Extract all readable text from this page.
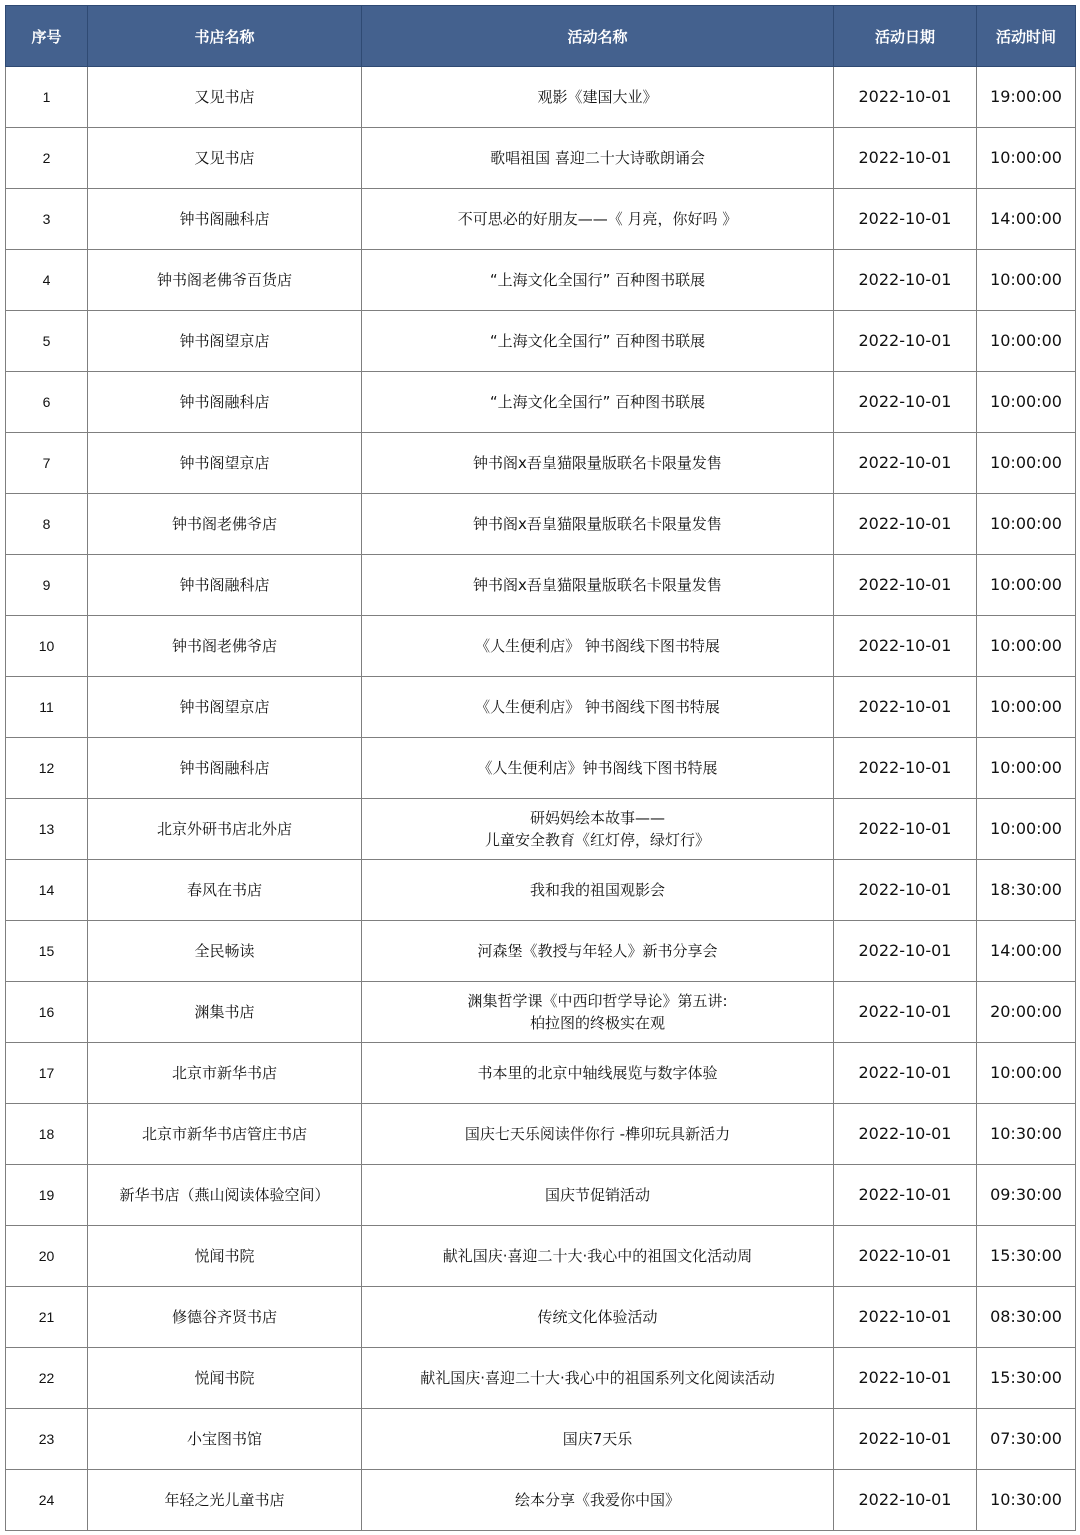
序号	书店名称	活动名称	活动日期	活动时间
1	又见书店	观影《建国大业》	2022-10-01	19:00:00
2	又见书店	歌唱祖国 喜迎二十大诗歌朗诵会	2022-10-01	10:00:00
3	钟书阁融科店	不可思必的好朋友——《 月亮，你好吗 》	2022-10-01	14:00:00
4	钟书阁老佛爷百货店	“上海文化全国行” 百种图书联展	2022-10-01	10:00:00
5	钟书阁望京店	“上海文化全国行” 百种图书联展	2022-10-01	10:00:00
6	钟书阁融科店	“上海文化全国行” 百种图书联展	2022-10-01	10:00:00
7	钟书阁望京店	钟书阁x吾皇猫限量版联名卡限量发售	2022-10-01	10:00:00
8	钟书阁老佛爷店	钟书阁x吾皇猫限量版联名卡限量发售	2022-10-01	10:00:00
9	钟书阁融科店	钟书阁x吾皇猫限量版联名卡限量发售	2022-10-01	10:00:00
10	钟书阁老佛爷店	《人生便利店》 钟书阁线下图书特展	2022-10-01	10:00:00
11	钟书阁望京店	《人生便利店》 钟书阁线下图书特展	2022-10-01	10:00:00
12	钟书阁融科店	《人生便利店》钟书阁线下图书特展	2022-10-01	10:00:00
13	北京外研书店北外店	研妈妈绘本故事——
儿童安全教育《红灯停，绿灯行》	2022-10-01	10:00:00
14	春风在书店	我和我的祖国观影会	2022-10-01	18:30:00
15	全民畅读	河森堡《教授与年轻人》新书分享会	2022-10-01	14:00:00
16	渊集书店	渊集哲学课《中西印哲学导论》第五讲:
柏拉图的终极实在观	2022-10-01	20:00:00
17	北京市新华书店	书本里的北京中轴线展览与数字体验	2022-10-01	10:00:00
18	北京市新华书店管庄书店	国庆七天乐阅读伴你行 -榫卯玩具新活力	2022-10-01	10:30:00
19	新华书店（燕山阅读体验空间）	国庆节促销活动	2022-10-01	09:30:00
20	悦闻书院	献礼国庆·喜迎二十大·我心中的祖国文化活动周	2022-10-01	15:30:00
21	修德谷齐贤书店	传统文化体验活动	2022-10-01	08:30:00
22	悦闻书院	献礼国庆·喜迎二十大·我心中的祖国系列文化阅读活动	2022-10-01	15:30:00
23	小宝图书馆	国庆7天乐	2022-10-01	07:30:00
24	年轻之光儿童书店	绘本分享《我爱你中国》	2022-10-01	10:30:00
